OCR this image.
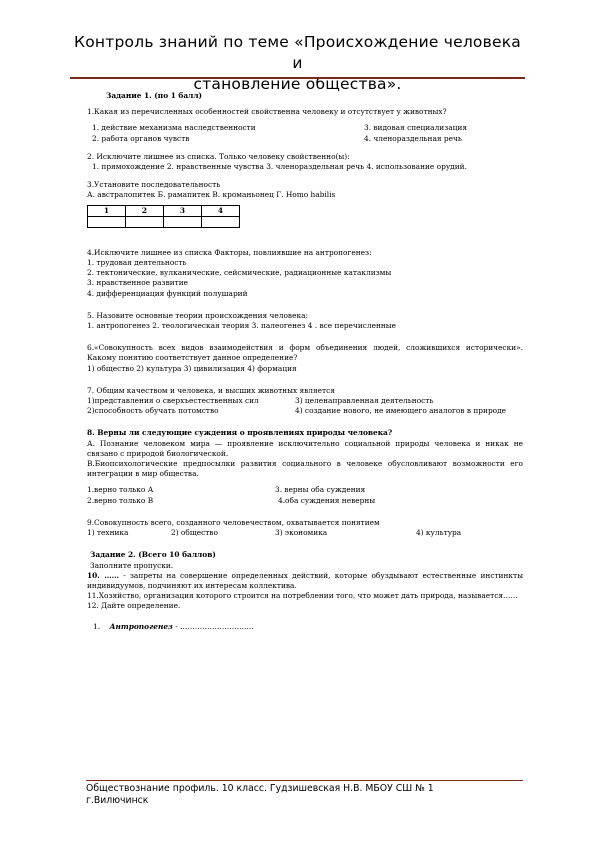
Контроль знаний по теме «Происхождение человека и
становление общества».

Задание 1. (по 1 балл)

1.Какая из перечисленных особенностей свойственна человеку и отсутствует у животных?

1. действие механизма наследственности	3. видовая специализация

2. работа органов чувств	4. членораздельная речь

2. Исключите лишнее из списка. Только человеку свойственно(ы):

1. прямохождение 2. нравственные чувства 3. членораздельная речь 4. использование орудий.

3.Установите последовательность

А. австралопитек Б. рамапитек В. кроманьонец Г. Homo habilis

1	2	3	4

4.Исключите лишнее из списка Факторы, повлиявшие на антропогенез:

1. трудовая деятельность

2. тектонические, вулканические, сейсмические, радиационные катаклизмы

3. нравственное развитие

4. дифференциация функций полушарий

5. Назовите основные теории происхождения человека:

1. антропогенез 2. теологическая теория 3. палеогенез 4 . все перечисленные

6.«Совокупность всех видов взаимодействия и форм объединения людей, сложившихся исторически». Какому понятию соответствует данное определение?

1) общество 2) культура 3) цивилизация 4) формация

7. Общим качеством и человека, и высших животных является

1)представления о сверхъестественных сил	3) целенаправленная деятельность

2)способность обучать потомство	4) создание нового, не имеющего аналогов в природе

8. Верны ли следующие суждения о проявлениях природы человека?

А. Познание человеком мира — проявление исключительно социальной природы человека и никак не связано с природой биологической.

В.Биопсихологические предпосылки развития социального в человеке обусловливают возможности его интеграции в мир общества.

1.верно только А	3. верны оба суждения

2.верно только В	4.оба суждения неверны

9.Совокупность всего, созданного человечеством, охватывается понятием

1) техника	2) общество	3) экономика	4) культура

Задание 2. (Всего 10 баллов)

Заполните пропуски.

10. …… - запреты на совершение определенных действий, которые обуздывают естественные инстинкты индивидуумов, подчиняют их интересам коллектива.

11.Хозяйство, организация которого строится на потреблении того, что может дать природа, называется……

12. Дайте определение.

1. Антропогенез - …………………………

Обществознание профиль. 10 класс. Гудзишевская Н.В. МБОУ СШ № 1
г.Вилючинск
